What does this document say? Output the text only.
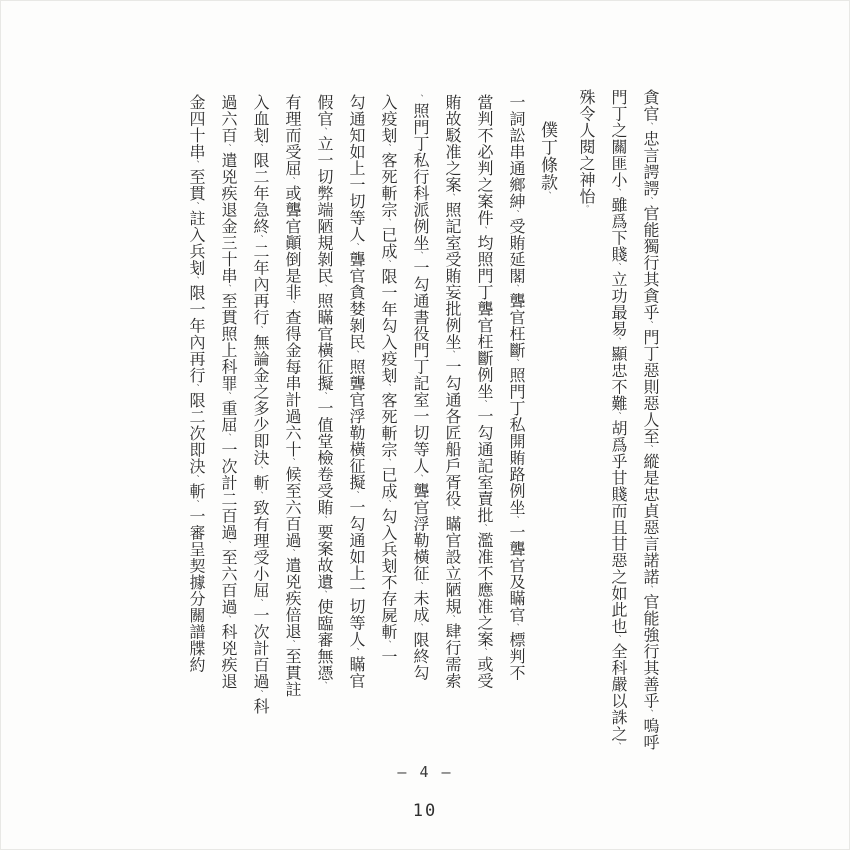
貪官、忠言諤諤、官能獨行其貪乎、門丁惡則惡人至、縱是忠貞惡言諾諾、官能強行其善乎、嗚呼

門丁之關匪小、雖爲下賤、立功最易、顯忠不難、胡爲乎甘賤而且甘惡之如此也、全科嚴以誅之、

殊令人閱之神怡。

僕丁條款、

一詞訟串通鄉紳、受賄延閣、聾官枉斷、照門丁私開賄路例坐、一聾官及瞞官、標判不

當判不必判之案件、均照門丁聾官枉斷例坐、一勾通記室賣批、濫准不應准之案、或受

賄故駁准之案、照記室受賄妄批例坐、一勾通各匠船戶胥役、瞞官設立陋規、肆行需索

、照門丁私行科派例坐、一勾通書役門丁記室一切等人、聾官浮勒橫征、未成、限終勾

入疫刬、客死斬宗、已成、限一年勾入疫刬、客死斬宗、已成、勾入兵刬不存屍斬、一

勾通知如上一切等人、聾官貪婪剝民、照聾官浮勒橫征擬、一勾通如上一切等人、瞞官

假官、立一切弊端陋規剝民、照瞞官橫征擬、一值堂檢卷受賄、要案故遺、使臨審無憑、

有理而受屈、或聾官顚倒是非、查得金每串計過六十、候至六百過、遣兇疾倍退、至貫註

入血刬、限二年急終、二年內再行、無論金之多少即決、斬、致有理受小屈、一次計百過、科

過六百、遣兇疾退金三十串、至貫照上科罪、重屈、一次計二百過、至六百過、科兇疾退

金四十串、至貫、註入兵刬、限一年內再行、限二次即決、斬、一審呈契據分關譜牒約

— 4 —
10
